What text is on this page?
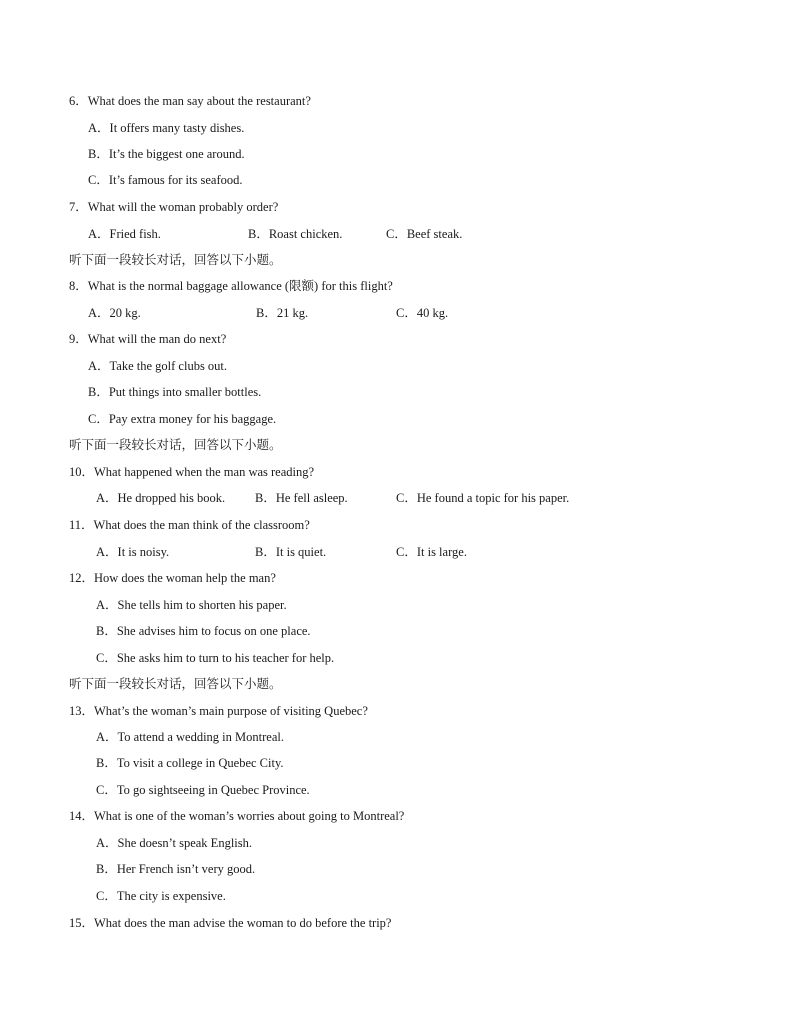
6．What does the man say about the restaurant?
A．It offers many tasty dishes.
B．It’s the biggest one around.
C．It’s famous for its seafood.
7．What will the woman probably order?
A．Fried fish.	B．Roast chicken.	C．Beef steak.
听下面一段较长对话，回答以下小题。
8．What is the normal baggage allowance (限额) for this flight?
A．20 kg.	B．21 kg.	C．40 kg.
9．What will the man do next?
A．Take the golf clubs out.
B．Put things into smaller bottles.
C．Pay extra money for his baggage.
听下面一段较长对话，回答以下小题。
10．What happened when the man was reading?
A．He dropped his book. B．He fell asleep.	C．He found a topic for his paper.
11．What does the man think of the classroom?
A．It is noisy.	B．It is quiet.	C．It is large.
12．How does the woman help the man?
A．She tells him to shorten his paper.
B．She advises him to focus on one place.
C．She asks him to turn to his teacher for help.
听下面一段较长对话，回答以下小题。
13．What’s the woman’s main purpose of visiting Quebec?
A．To attend a wedding in Montreal.
B．To visit a college in Quebec City.
C．To go sightseeing in Quebec Province.
14．What is one of the woman’s worries about going to Montreal?
A．She doesn’t speak English.
B．Her French isn’t very good.
C．The city is expensive.
15．What does the man advise the woman to do before the trip?
